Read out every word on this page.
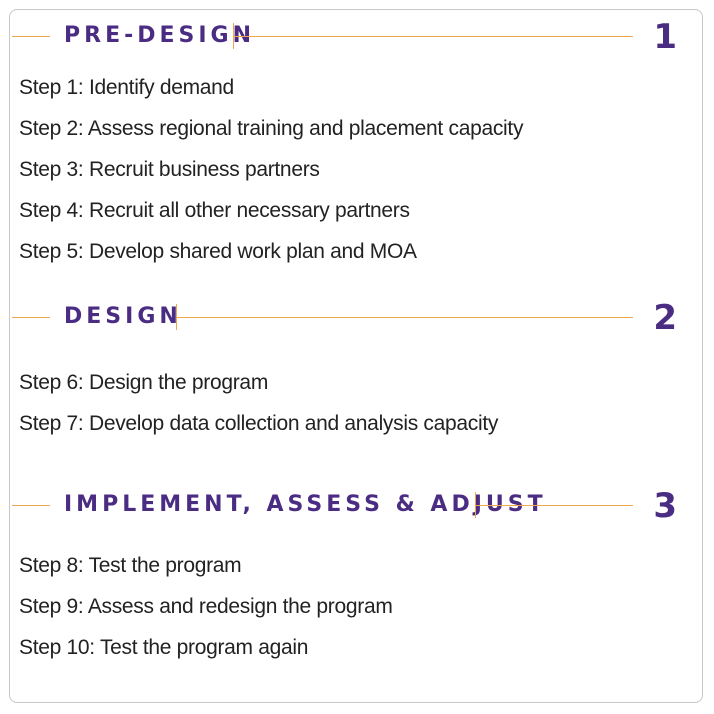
PRE-DESIGN	1
Step 1: Identify demand
Step 2: Assess regional training and placement capacity
Step 3: Recruit business partners
Step 4: Recruit all other necessary partners
Step 5: Develop shared work plan and MOA
DESIGN	2
Step 6: Design the program
Step 7: Develop data collection and analysis capacity
IMPLEMENT, ASSESS & ADJUST	3
Step 8: Test the program
Step 9: Assess and redesign the program
Step 10: Test the program again
